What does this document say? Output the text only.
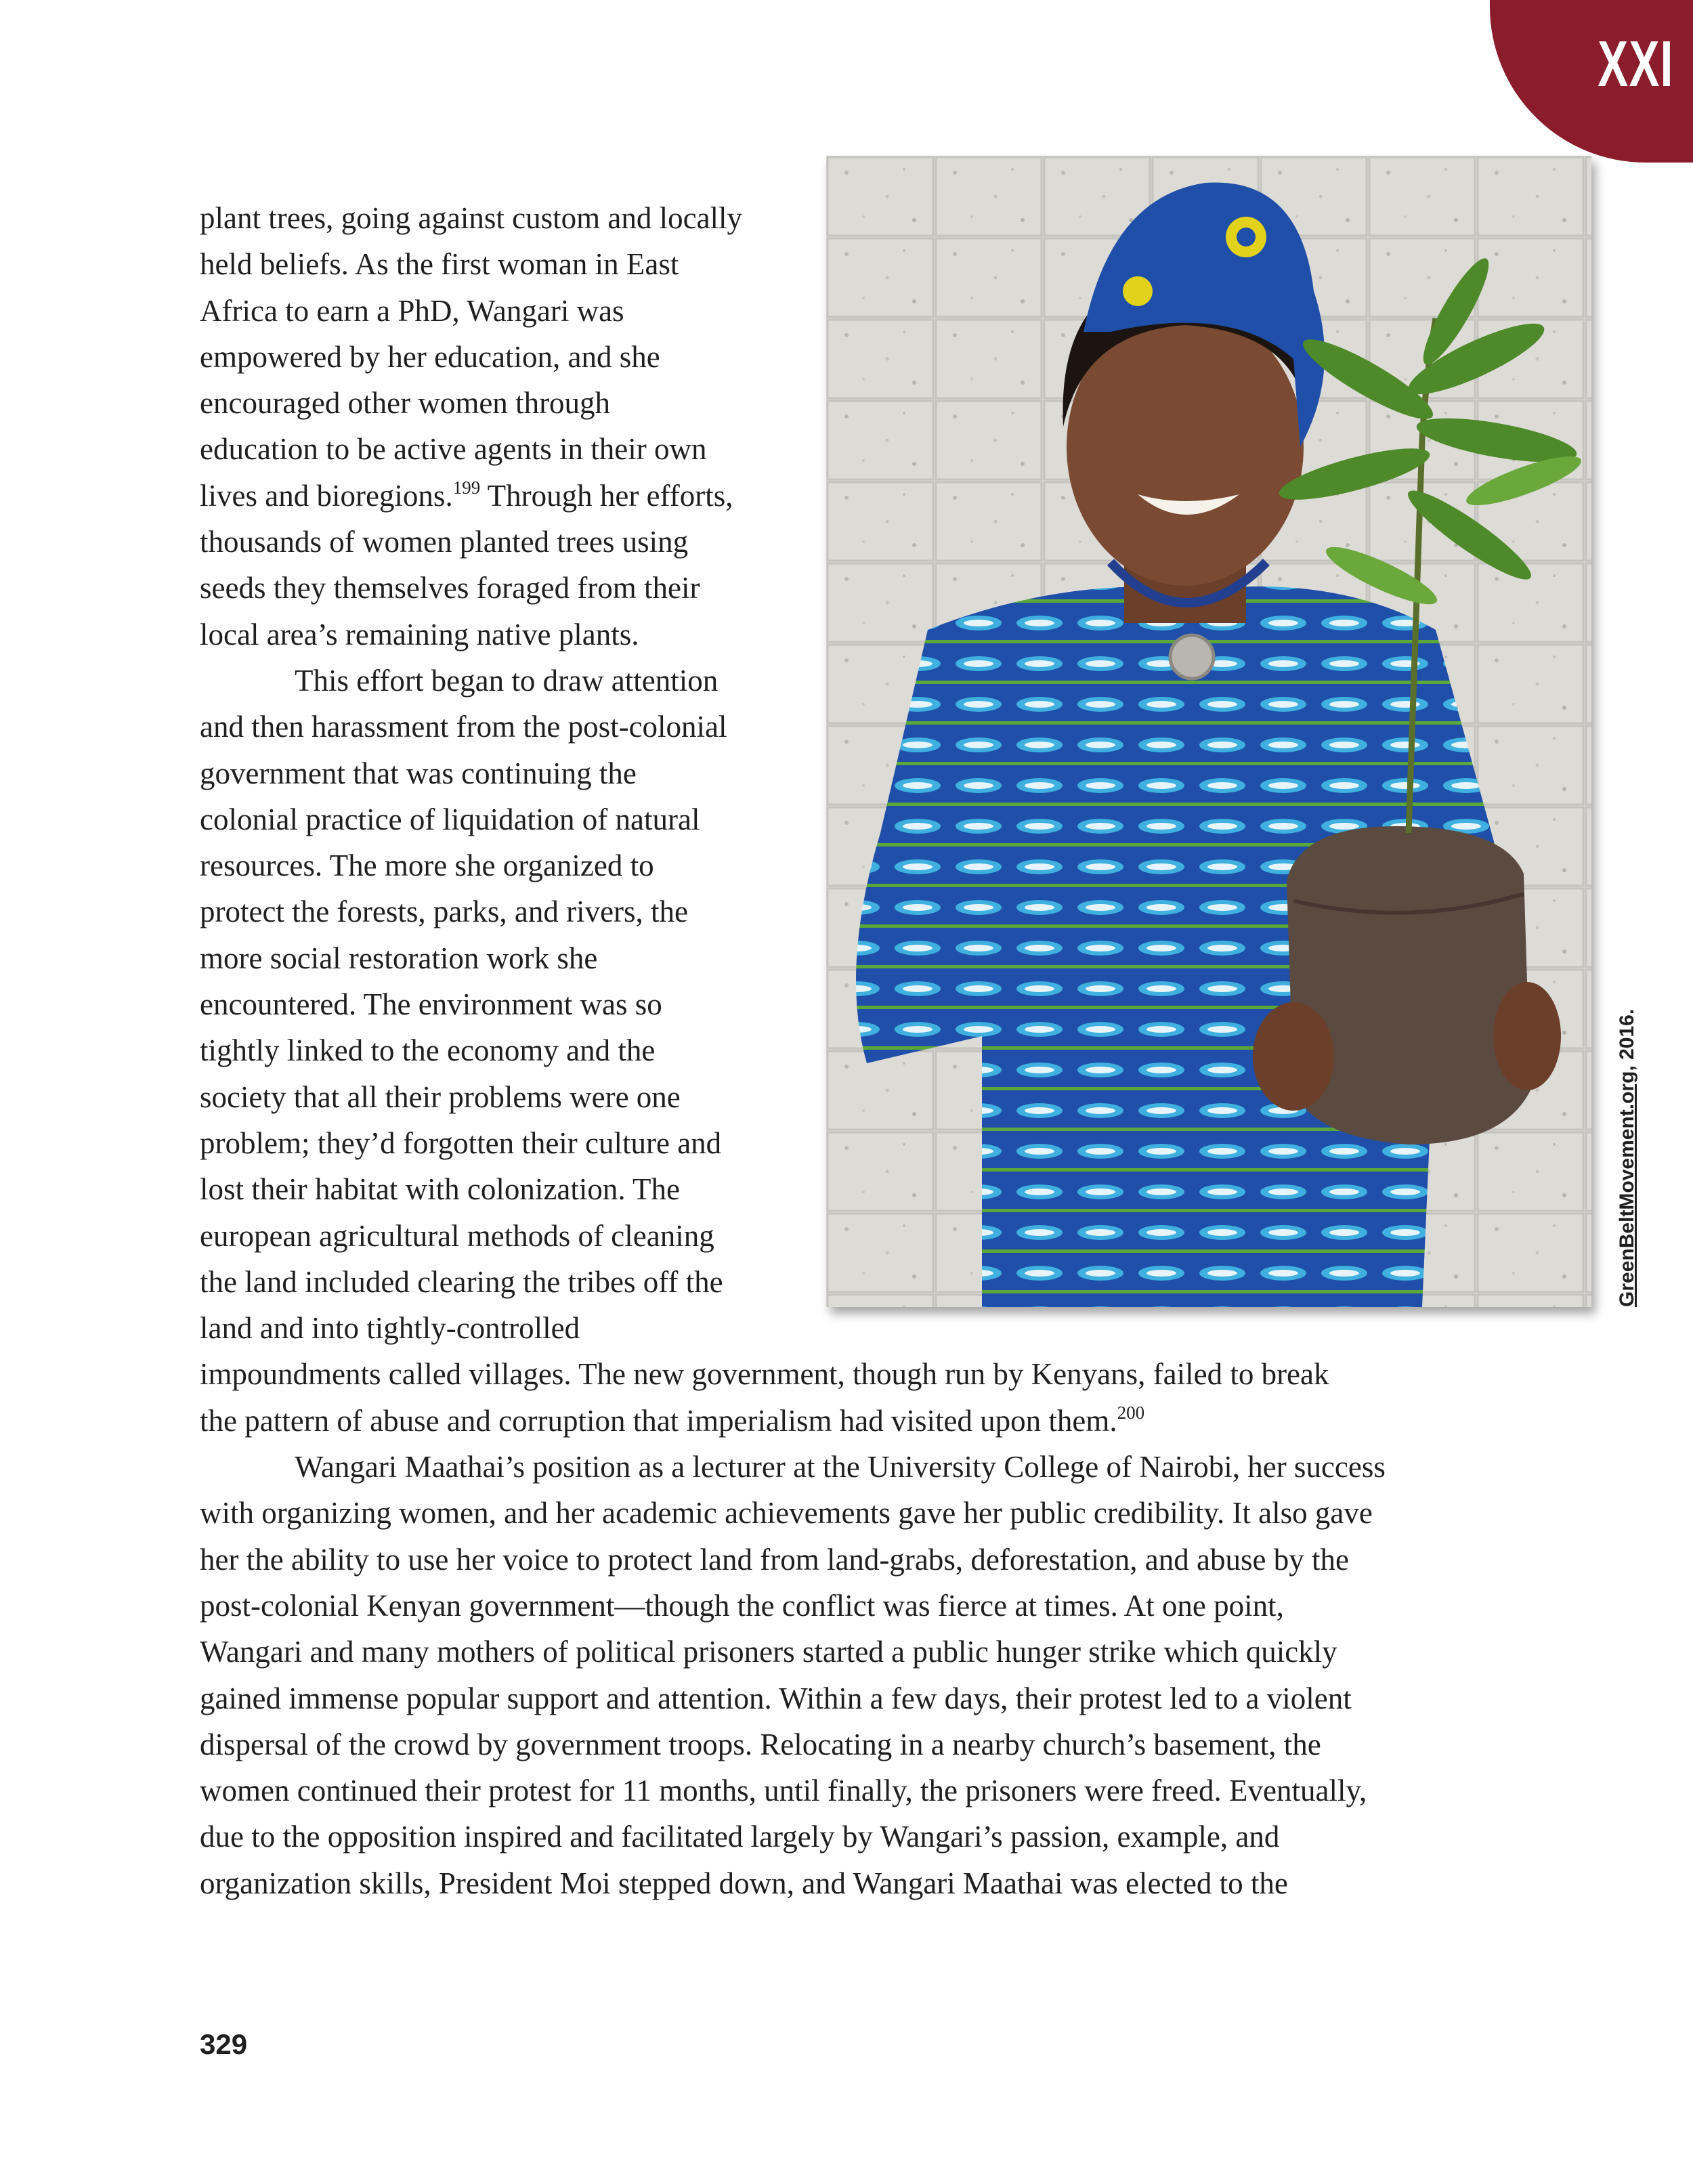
XXI
GreenBeltMovement.org, 2016.

plant trees, going against custom and locally
held beliefs. As the first woman in East
Africa to earn a PhD, Wangari was
empowered by her education, and she
encouraged other women through
education to be active agents in their own
lives and bioregions.$^{199}$ Through her efforts,
thousands of women planted trees using
seeds they themselves foraged from their
local area’s remaining native plants.

This effort began to draw attention
and then harassment from the post-colonial
government that was continuing the
colonial practice of liquidation of natural
resources. The more she organized to
protect the forests, parks, and rivers, the
more social restoration work she
encountered. The environment was so
tightly linked to the economy and the
society that all their problems were one
problem; they’d forgotten their culture and
lost their habitat with colonization. The
european agricultural methods of cleaning
the land included clearing the tribes off the
land and into tightly-controlled
impoundments called villages. The new government, though run by Kenyans, failed to break
the pattern of abuse and corruption that imperialism had visited upon them.$^{200}$

Wangari Maathai’s position as a lecturer at the University College of Nairobi, her success
with organizing women, and her academic achievements gave her public credibility. It also gave
her the ability to use her voice to protect land from land-grabs, deforestation, and abuse by the
post-colonial Kenyan government—though the conflict was fierce at times. At one point,
Wangari and many mothers of political prisoners started a public hunger strike which quickly
gained immense popular support and attention. Within a few days, their protest led to a violent
dispersal of the crowd by government troops. Relocating in a nearby church’s basement, the
women continued their protest for 11 months, until finally, the prisoners were freed. Eventually,
due to the opposition inspired and facilitated largely by Wangari’s passion, example, and
organization skills, President Moi stepped down, and Wangari Maathai was elected to the

329
